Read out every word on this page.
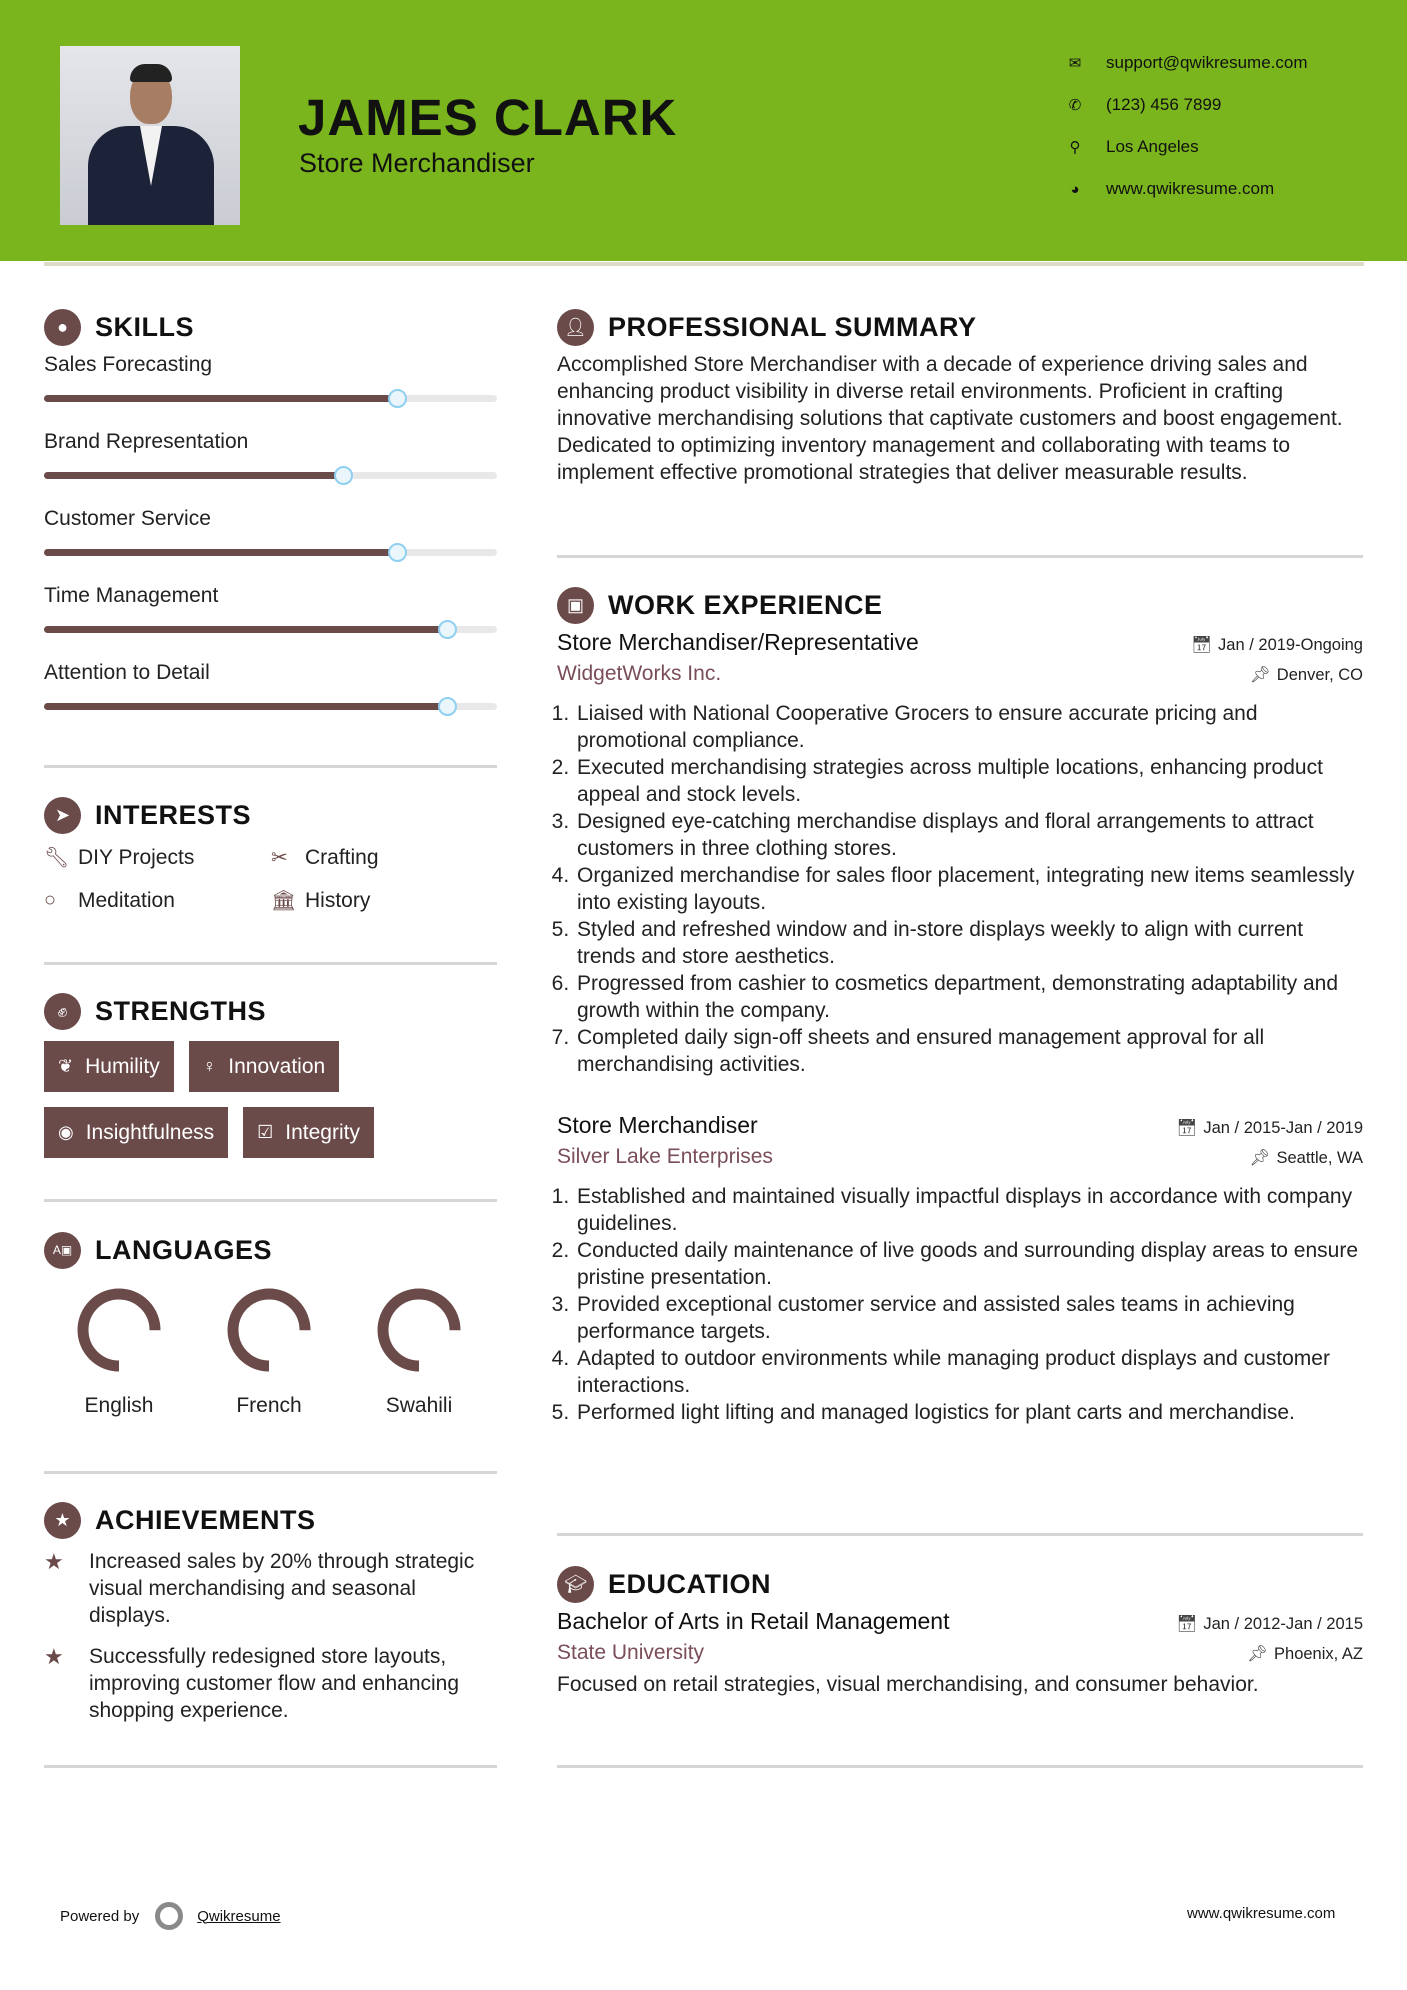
JAMES CLARK
Store Merchandiser
✉ support@qwikresume.com
✆ (123) 456 7899
⚲	Los Angeles
◕	www.qwikresume.com
●	SKILLS
Sales Forecasting
Brand Representation
Customer Service
Time Management
Attention to Detail
➤ INTERESTS
🔧︎ DIY Projects	✂ Crafting
○	Meditation	🏛︎ History
✊︎	STRENGTHS
❦ Humility ♀ Innovation
◉ Insightfulness ☑ Integrity
A▣ LANGUAGES
English	French	Swahili
★ ACHIEVEMENTS
★	Increased sales by 20% through strategic visual merchandising and seasonal displays.
★	Successfully redesigned store layouts, improving customer flow and enhancing shopping experience.
👤︎ PROFESSIONAL SUMMARY

Accomplished Store Merchandiser with a decade of experience driving sales and enhancing product visibility in diverse retail environments. Proficient in crafting innovative merchandising solutions that captivate customers and boost engagement. Dedicated to optimizing inventory management and collaborating with teams to implement effective promotional strategies that deliver measurable results.

▣ WORK EXPERIENCE
Store Merchandiser/Representative	📅︎ Jan / 2019-Ongoing
WidgetWorks Inc.	📌︎ Denver, CO
1. Liaised with National Cooperative Grocers to ensure accurate pricing and promotional compliance.
2. Executed merchandising strategies across multiple locations, enhancing product appeal and stock levels.
3. Designed eye-catching merchandise displays and floral arrangements to attract customers in three clothing stores.
4. Organized merchandise for sales floor placement, integrating new items seamlessly into existing layouts.
5. Styled and refreshed window and in-store displays weekly to align with current trends and store aesthetics.
6. Progressed from cashier to cosmetics department, demonstrating adaptability and growth within the company.
7. Completed daily sign-off sheets and ensured management approval for all merchandising activities.
Store Merchandiser	📅︎ Jan / 2015-Jan / 2019
Silver Lake Enterprises	📌︎ Seattle, WA
1. Established and maintained visually impactful displays in accordance with company guidelines.
2. Conducted daily maintenance of live goods and surrounding display areas to ensure pristine presentation.
3. Provided exceptional customer service and assisted sales teams in achieving performance targets.
4. Adapted to outdoor environments while managing product displays and customer interactions.
5. Performed light lifting and managed logistics for plant carts and merchandise.
🎓︎ EDUCATION
Bachelor of Arts in Retail Management	📅︎ Jan / 2012-Jan / 2015
State University	📌︎ Phoenix, AZ

Focused on retail strategies, visual merchandising, and consumer behavior.

Powered by	Qwikresume	www.qwikresume.com
